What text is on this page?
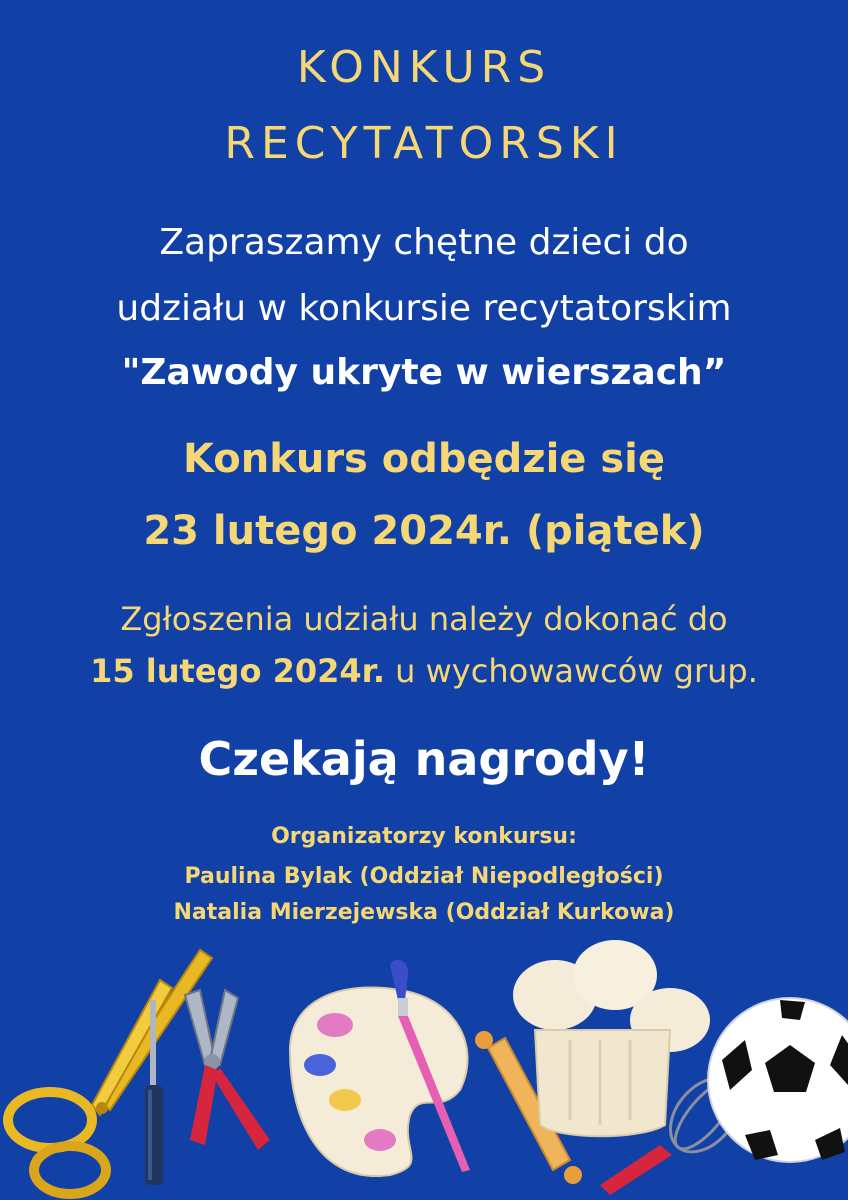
KONKURS
RECYTATORSKI
Zapraszamy chętne dzieci do
udziału w konkursie recytatorskim
"Zawody ukryte w wierszach”
Konkurs odbędzie się
23 lutego 2024r. (piątek)
Zgłoszenia udziału należy dokonać do
15 lutego 2024r. u wychowawców grup.
Czekają nagrody!
Organizatorzy konkursu:
Paulina Bylak (Oddział Niepodległości)
Natalia Mierzejewska (Oddział Kurkowa)
